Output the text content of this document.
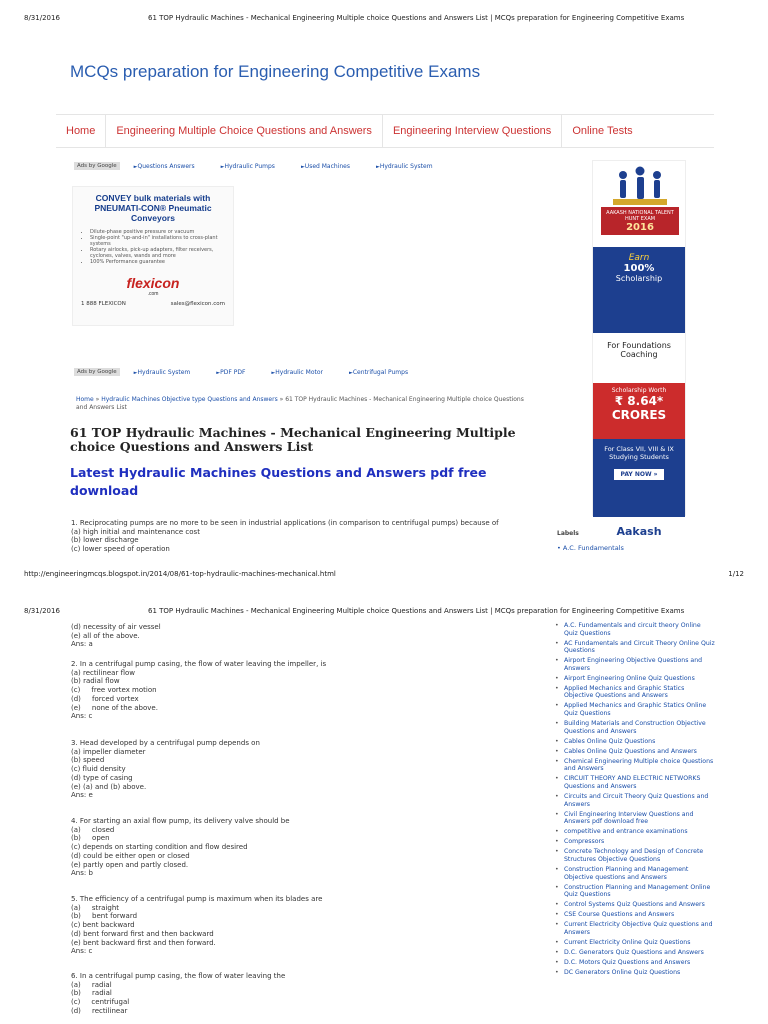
8/31/2016	61 TOP Hydraulic Machines - Mechanical Engineering Multiple choice Questions and Answers List | MCQs preparation for Engineering Competitive Exams
MCQs preparation for Engineering Competitive Exams
Home	Engineering Multiple Choice Questions and Answers	Engineering Interview Questions	Online Tests
Ads by Google	► Questions Answers	► Hydraulic Pumps	► Used Machines	► Hydraulic System
CONVEY bulk materials with PNEUMATI-CON® Pneumatic Conveyors
• Dilute-phase positive pressure or vacuum
• Single-point "up-and-in" installations to cross-plant systems
• Rotary airlocks, pick-up adapters, filter receivers, cyclones, valves, wands and more
• 100% Performance guarantee
flexicon
.com
1 888 FLEXICON	sales@flexicon.com
AAKASH NATIONAL TALENT HUNT EXAM
2016
Earn
100%
Scholarship
For Foundations Coaching
Scholarship Worth
₹ 8.64* CRORES
For Class VII, VIII & IX Studying Students
PAY NOW »
Aakash
Ads by Google	► Hydraulic System	► PDF PDF	► Hydraulic Motor	► Centrifugal Pumps
Home » Hydraulic Machines Objective type Questions and Answers » 61 TOP Hydraulic Machines - Mechanical Engineering Multiple choice Questions and Answers List
61 TOP Hydraulic Machines - Mechanical Engineering Multiple choice Questions and Answers List
Latest Hydraulic Machines Questions and Answers pdf free download
1. Reciprocating pumps are no more to be seen in industrial applications (in comparison to centrifugal pumps) because of
(a) high initial and maintenance cost
(b) lower discharge
(c) lower speed of operation
Labels
• A.C. Fundamentals
http://engineeringmcqs.blogspot.in/2014/08/61-top-hydraulic-machines-mechanical.html	1/12
8/31/2016	61 TOP Hydraulic Machines - Mechanical Engineering Multiple choice Questions and Answers List | MCQs preparation for Engineering Competitive Exams
(d) necessity of air vessel
(e) all of the above.
Ans: a
2. In a centrifugal pump casing, the flow of water leaving the impeller, is
(a) rectilinear flow
(b) radial flow
(c)     free vortex motion
(d)     forced vortex
(e)     none of the above.
Ans: c
3. Head developed by a centrifugal pump depends on
(a) impeller diameter
(b) speed
(c) fluid density
(d) type of casing
(e) (a) and (b) above.
Ans: e
4. For starting an axial flow pump, its delivery valve should be
(a)     closed
(b)     open
(c) depends on starting condition and flow desired
(d) could be either open or closed
(e) partly open and partly closed.
Ans: b
5. The efficiency of a centrifugal pump is maximum when its blades are
(a)     straight
(b)     bent forward
(c) bent backward
(d) bent forward first and then backward
(e) bent backward first and then forward.
Ans: c
6. In a centrifugal pump casing, the flow of water leaving the
(a)     radial
(b)     radial
(c)     centrifugal
(d)     rectilinear
• A.C. Fundamentals and circuit theory Online Quiz Questions
• AC Fundamentals and Circuit Theory Online Quiz Questions
• Airport Engineering Objective Questions and Answers
• Airport Engineering Online Quiz Questions
• Applied Mechanics and Graphic Statics Objective Questions and Answers
• Applied Mechanics and Graphic Statics Online Quiz Questions
• Building Materials and Construction Objective Questions and Answers
• Cables Online Quiz Questions
• Cables Online Quiz Questions and Answers
• Chemical Engineering Multiple choice Questions and Answers
• CIRCUIT THEORY AND ELECTRIC NETWORKS Questions and Answers
• Circuits and Circuit Theory Quiz Questions and Answers
• Civil Engineering Interview Questions and Answers pdf download free
• competitive and entrance examinations
• Compressors
• Concrete Technology and Design of Concrete Structures Objective Questions
• Construction Planning and Management Objective questions and Answers
• Construction Planning and Management Online Quiz Questions
• Control Systems Quiz Questions and Answers
• CSE Course Questions and Answers
• Current Electricity Objective Quiz questions and Answers
• Current Electricity Online Quiz Questions
• D.C. Generators Quiz Questions and Answers
• D.C. Motors Quiz Questions and Answers
• DC Generators Online Quiz Questions
